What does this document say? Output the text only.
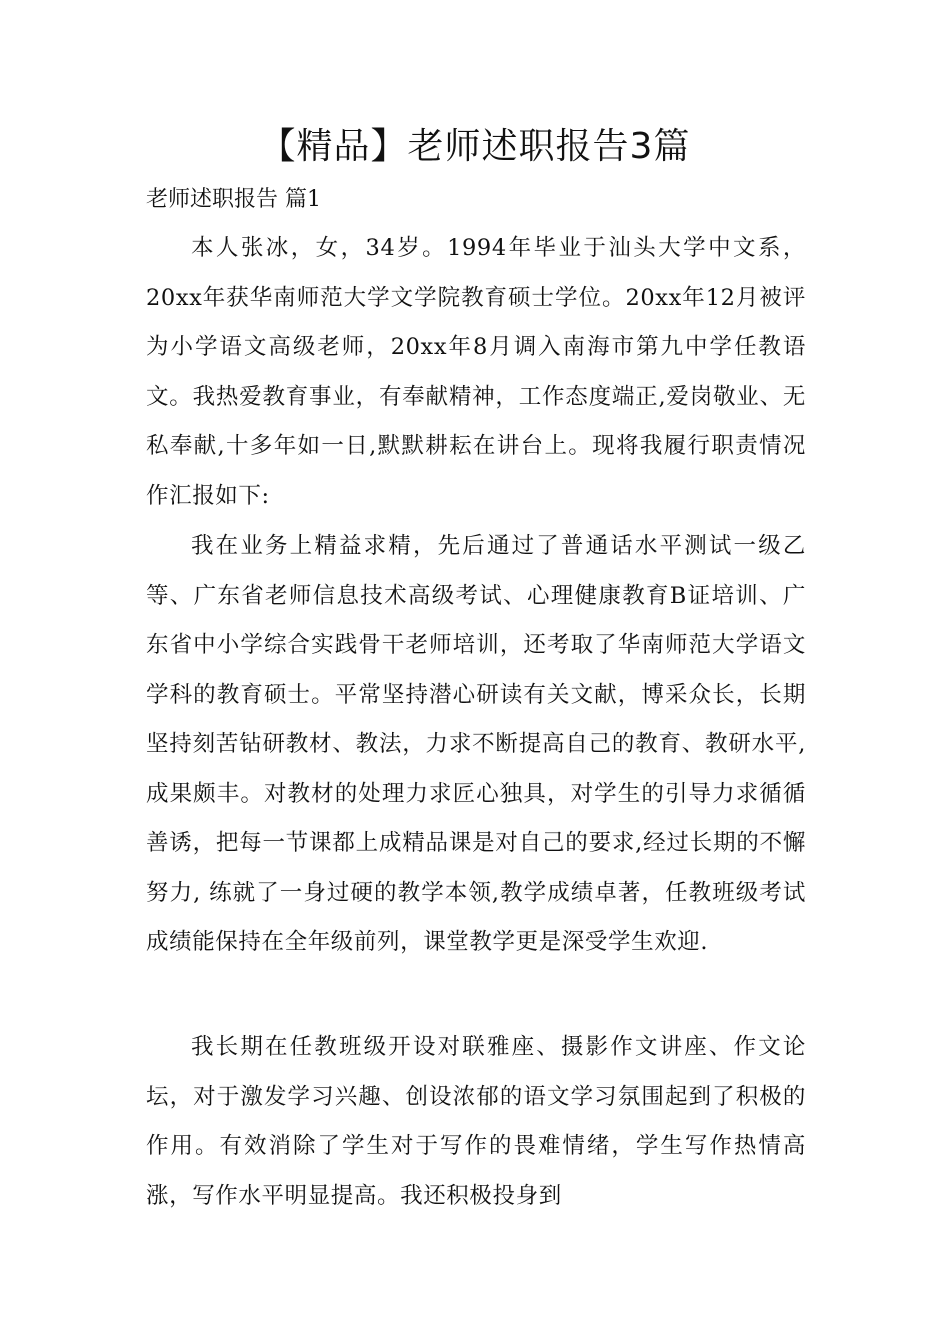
【精品】老师述职报告3篇
老师述职报告 篇1

本人张冰，女，34岁。1994年毕业于汕头大学中文系，20xx年获华南师范大学文学院教育硕士学位。20xx年12月被评为小学语文高级老师，20xx年8月调入南海市第九中学任教语文。我热爱教育事业，有奉献精神，工作态度端正,爱岗敬业、无私奉献,十多年如一日,默默耕耘在讲台上。现将我履行职责情况作汇报如下:

我在业务上精益求精，先后通过了普通话水平测试一级乙等、广东省老师信息技术高级考试、心理健康教育B证培训、广东省中小学综合实践骨干老师培训，还考取了华南师范大学语文学科的教育硕士。平常坚持潜心研读有关文献，博采众长，长期坚持刻苦钻研教材、教法，力求不断提高自己的教育、教研水平,成果颇丰。对教材的处理力求匠心独具，对学生的引导力求循循善诱，把每一节课都上成精品课是对自己的要求,经过长期的不懈努力, 练就了一身过硬的教学本领,教学成绩卓著，任教班级考试成绩能保持在全年级前列，课堂教学更是深受学生欢迎.

我长期在任教班级开设对联雅座、摄影作文讲座、作文论坛，对于激发学习兴趣、创设浓郁的语文学习氛围起到了积极的作用。有效消除了学生对于写作的畏难情绪，学生写作热情高涨，写作水平明显提高。我还积极投身到
